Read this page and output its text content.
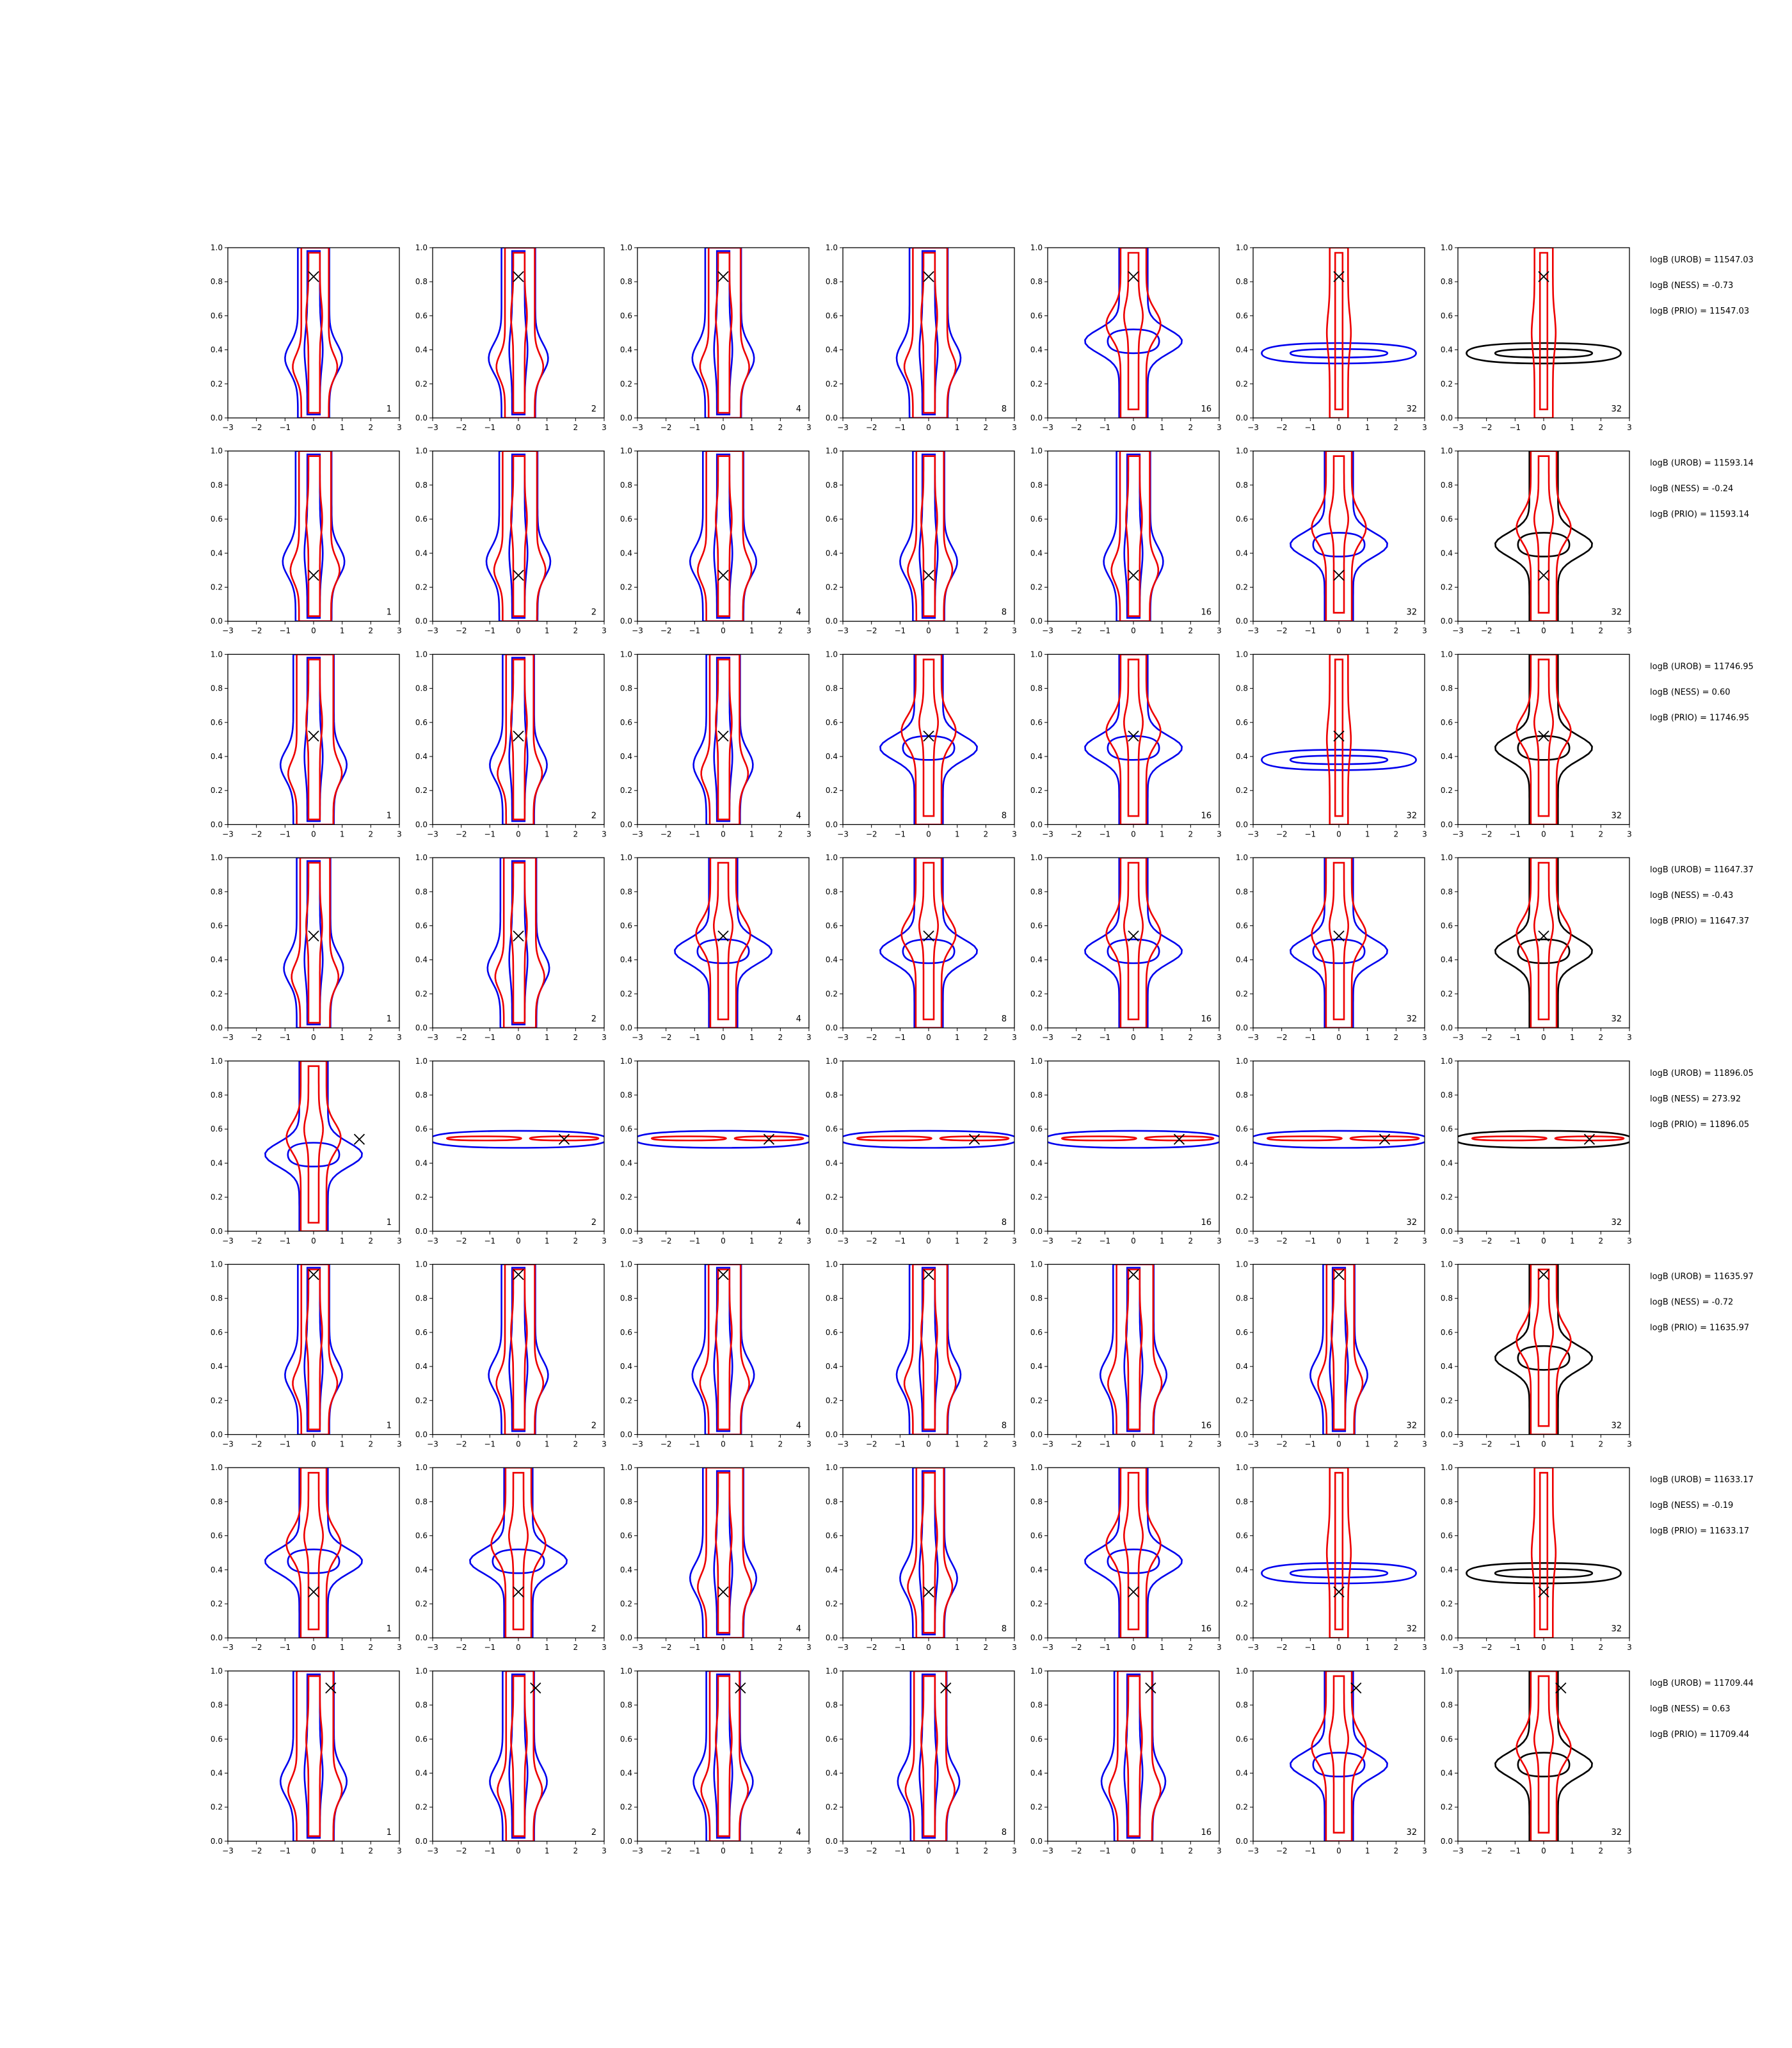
0.0
0.2
0.4
0.6
0.8
1.0
−3 −2 −1	0	1	2	3
1
0.0
0.2
0.4
0.6
0.8
1.0
−3 −2 −1	0	1	2	3
2
0.0
0.2
0.4
0.6
0.8
1.0
−3 −2 −1	0	1	2	3
4
0.0
0.2
0.4
0.6
0.8
1.0
−3 −2 −1	0	1	2	3
8
0.0
0.2
0.4
0.6
0.8
1.0
−3 −2 −1	0	1	2	3
16
0.0
0.2
0.4
0.6
0.8
1.0
−3 −2 −1	0	1	2	3
32
0.0
0.2
0.4
0.6
0.8
1.0
−3 −2 −1	0	1	2	3
32
logB (UROB) = 11547.03
logB (NESS) = -0.73
logB (PRIO) = 11547.03
0.0
0.2
0.4
0.6
0.8
1.0
−3 −2 −1	0	1	2	3
1
0.0
0.2
0.4
0.6
0.8
1.0
−3 −2 −1	0	1	2	3
2
0.0
0.2
0.4
0.6
0.8
1.0
−3 −2 −1	0	1	2	3
4
0.0
0.2
0.4
0.6
0.8
1.0
−3 −2 −1	0	1	2	3
8
0.0
0.2
0.4
0.6
0.8
1.0
−3 −2 −1	0	1	2	3
16
0.0
0.2
0.4
0.6
0.8
1.0
−3 −2 −1	0	1	2	3
32
0.0
0.2
0.4
0.6
0.8
1.0
−3 −2 −1	0	1	2	3
32
logB (UROB) = 11593.14
logB (NESS) = -0.24
logB (PRIO) = 11593.14
0.0
0.2
0.4
0.6
0.8
1.0
−3 −2 −1	0	1	2	3
1
0.0
0.2
0.4
0.6
0.8
1.0
−3 −2 −1	0	1	2	3
2
0.0
0.2
0.4
0.6
0.8
1.0
−3 −2 −1	0	1	2	3
4
0.0
0.2
0.4
0.6
0.8
1.0
−3 −2 −1	0	1	2	3
8
0.0
0.2
0.4
0.6
0.8
1.0
−3 −2 −1	0	1	2	3
16
0.0
0.2
0.4
0.6
0.8
1.0
−3 −2 −1	0	1	2	3
32
0.0
0.2
0.4
0.6
0.8
1.0
−3 −2 −1	0	1	2	3
32
logB (UROB) = 11746.95
logB (NESS) = 0.60
logB (PRIO) = 11746.95
0.0
0.2
0.4
0.6
0.8
1.0
−3 −2 −1	0	1	2	3
1
0.0
0.2
0.4
0.6
0.8
1.0
−3 −2 −1	0	1	2	3
2
0.0
0.2
0.4
0.6
0.8
1.0
−3 −2 −1	0	1	2	3
4
0.0
0.2
0.4
0.6
0.8
1.0
−3 −2 −1	0	1	2	3
8
0.0
0.2
0.4
0.6
0.8
1.0
−3 −2 −1	0	1	2	3
16
0.0
0.2
0.4
0.6
0.8
1.0
−3 −2 −1	0	1	2	3
32
0.0
0.2
0.4
0.6
0.8
1.0
−3 −2 −1	0	1	2	3
32
logB (UROB) = 11647.37
logB (NESS) = -0.43
logB (PRIO) = 11647.37
0.0
0.2
0.4
0.6
0.8
1.0
−3 −2 −1	0	1	2	3
1
0.0
0.2
0.4
0.6
0.8
1.0
−3 −2 −1	0	1	2	3
2
0.0
0.2
0.4
0.6
0.8
1.0
−3 −2 −1	0	1	2	3
4
0.0
0.2
0.4
0.6
0.8
1.0
−3 −2 −1	0	1	2	3
8
0.0
0.2
0.4
0.6
0.8
1.0
−3 −2 −1	0	1	2	3
16
0.0
0.2
0.4
0.6
0.8
1.0
−3 −2 −1	0	1	2	3
32
0.0
0.2
0.4
0.6
0.8
1.0
−3 −2 −1	0	1	2	3
32
logB (UROB) = 11896.05
logB (NESS) = 273.92
logB (PRIO) = 11896.05
0.0
0.2
0.4
0.6
0.8
1.0
−3 −2 −1	0	1	2	3
1
0.0
0.2
0.4
0.6
0.8
1.0
−3 −2 −1	0	1	2	3
2
0.0
0.2
0.4
0.6
0.8
1.0
−3 −2 −1	0	1	2	3
4
0.0
0.2
0.4
0.6
0.8
1.0
−3 −2 −1	0	1	2	3
8
0.0
0.2
0.4
0.6
0.8
1.0
−3 −2 −1	0	1	2	3
16
0.0
0.2
0.4
0.6
0.8
1.0
−3 −2 −1	0	1	2	3
32
0.0
0.2
0.4
0.6
0.8
1.0
−3 −2 −1	0	1	2	3
32
logB (UROB) = 11635.97
logB (NESS) = -0.72
logB (PRIO) = 11635.97
0.0
0.2
0.4
0.6
0.8
1.0
−3 −2 −1	0	1	2	3
1
0.0
0.2
0.4
0.6
0.8
1.0
−3 −2 −1	0	1	2	3
2
0.0
0.2
0.4
0.6
0.8
1.0
−3 −2 −1	0	1	2	3
4
0.0
0.2
0.4
0.6
0.8
1.0
−3 −2 −1	0	1	2	3
8
0.0
0.2
0.4
0.6
0.8
1.0
−3 −2 −1	0	1	2	3
16
0.0
0.2
0.4
0.6
0.8
1.0
−3 −2 −1	0	1	2	3
32
0.0
0.2
0.4
0.6
0.8
1.0
−3 −2 −1	0	1	2	3
32
logB (UROB) = 11633.17
logB (NESS) = -0.19
logB (PRIO) = 11633.17
0.0
0.2
0.4
0.6
0.8
1.0
−3 −2 −1	0	1	2	3
1
0.0
0.2
0.4
0.6
0.8
1.0
−3 −2 −1	0	1	2	3
2
0.0
0.2
0.4
0.6
0.8
1.0
−3 −2 −1	0	1	2	3
4
0.0
0.2
0.4
0.6
0.8
1.0
−3 −2 −1	0	1	2	3
8
0.0
0.2
0.4
0.6
0.8
1.0
−3 −2 −1	0	1	2	3
16
0.0
0.2
0.4
0.6
0.8
1.0
−3 −2 −1	0	1	2	3
32
0.0
0.2
0.4
0.6
0.8
1.0
−3 −2 −1	0	1	2	3
32
logB (UROB) = 11709.44
logB (NESS) = 0.63
logB (PRIO) = 11709.44
